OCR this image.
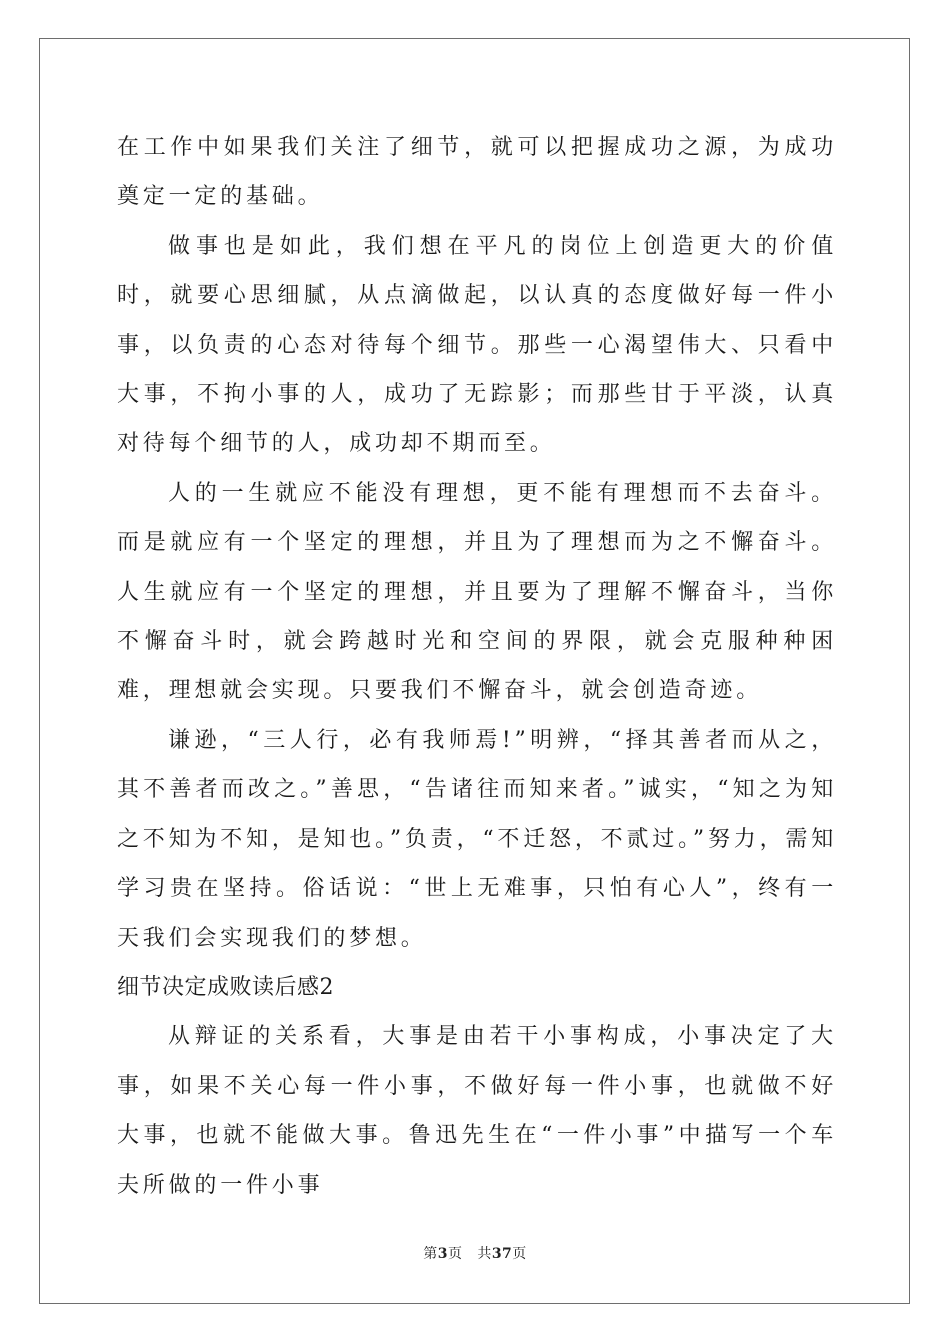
在工作中如果我们关注了细节，就可以把握成功之源，为成功奠定一定的基础。

做事也是如此，我们想在平凡的岗位上创造更大的价值时，就要心思细腻，从点滴做起，以认真的态度做好每一件小事，以负责的心态对待每个细节。那些一心渴望伟大、只看中大事，不拘小事的人，成功了无踪影；而那些甘于平淡，认真对待每个细节的人，成功却不期而至。

人的一生就应不能没有理想，更不能有理想而不去奋斗。而是就应有一个坚定的理想，并且为了理想而为之不懈奋斗。人生就应有一个坚定的理想，并且要为了理解不懈奋斗，当你不懈奋斗时，就会跨越时光和空间的界限，就会克服种种困难，理想就会实现。只要我们不懈奋斗，就会创造奇迹。

谦逊，“三人行，必有我师焉!”明辨，“择其善者而从之，其不善者而改之。”善思，“告诸往而知来者。”诚实，“知之为知之不知为不知，是知也。”负责，“不迁怒，不贰过。”努力，需知学习贵在坚持。俗话说：“世上无难事，只怕有心人”，终有一天我们会实现我们的梦想。

细节决定成败读后感2

从辩证的关系看，大事是由若干小事构成，小事决定了大事，如果不关心每一件小事，不做好每一件小事，也就做不好大事，也就不能做大事。鲁迅先生在“一件小事”中描写一个车夫所做的一件小事

第3页 共37页
